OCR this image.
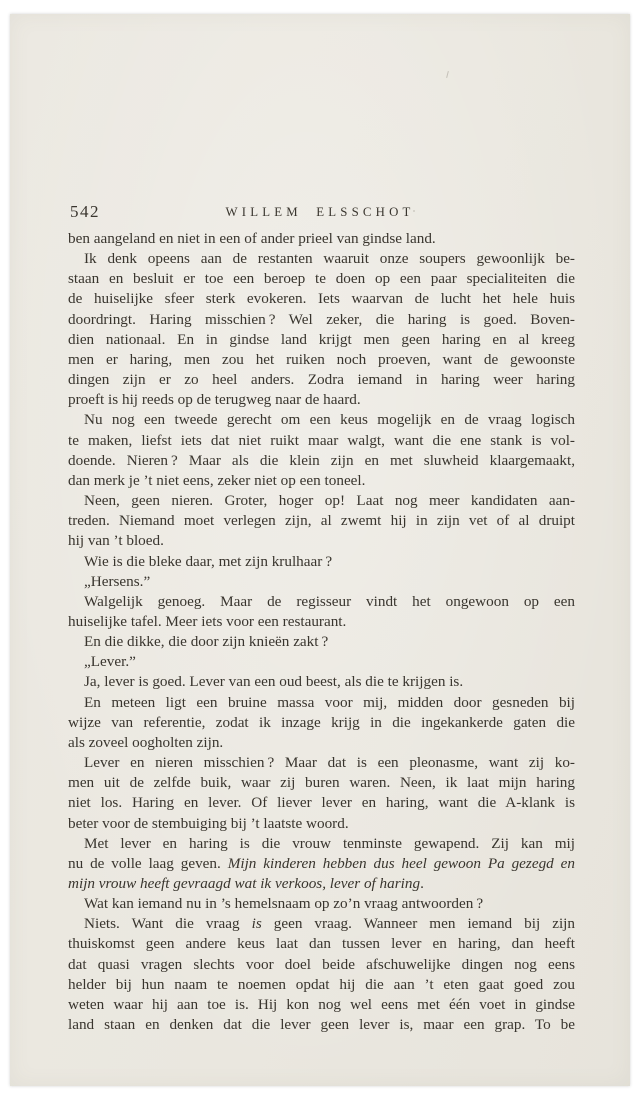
542	WILLEM ELSSCHOT
ben aangeland en niet in een of ander prieel van gindse land.
Ik denk opeens aan de restanten waaruit onze soupers gewoonlijk be-
staan en besluit er toe een beroep te doen op een paar specialiteiten die
de huiselijke sfeer sterk evokeren. Iets waarvan de lucht het hele huis
doordringt. Haring misschien ? Wel zeker, die haring is goed. Boven-
dien nationaal. En in gindse land krijgt men geen haring en al kreeg
men er haring, men zou het ruiken noch proeven, want de gewoonste
dingen zijn er zo heel anders. Zodra iemand in haring weer haring
proeft is hij reeds op de terugweg naar de haard.
Nu nog een tweede gerecht om een keus mogelijk en de vraag logisch
te maken, liefst iets dat niet ruikt maar walgt, want die ene stank is vol-
doende. Nieren ? Maar als die klein zijn en met sluwheid klaargemaakt,
dan merk je ’t niet eens, zeker niet op een toneel.
Neen, geen nieren. Groter, hoger op! Laat nog meer kandidaten aan-
treden. Niemand moet verlegen zijn, al zwemt hij in zijn vet of al druipt
hij van ’t bloed.
Wie is die bleke daar, met zijn krulhaar ?
„Hersens.”
Walgelijk genoeg. Maar de regisseur vindt het ongewoon op een
huiselijke tafel. Meer iets voor een restaurant.
En die dikke, die door zijn knieën zakt ?
„Lever.”
Ja, lever is goed. Lever van een oud beest, als die te krijgen is.
En meteen ligt een bruine massa voor mij, midden door gesneden bij
wijze van referentie, zodat ik inzage krijg in die ingekankerde gaten die
als zoveel oogholten zijn.
Lever en nieren misschien ? Maar dat is een pleonasme, want zij ko-
men uit de zelfde buik, waar zij buren waren. Neen, ik laat mijn haring
niet los. Haring en lever. Of liever lever en haring, want die A-klank is
beter voor de stembuiging bij ’t laatste woord.
Met lever en haring is die vrouw tenminste gewapend. Zij kan mij
nu de volle laag geven. Mijn kinderen hebben dus heel gewoon Pa gezegd en
mijn vrouw heeft gevraagd wat ik verkoos, lever of haring.
Wat kan iemand nu in ’s hemelsnaam op zo’n vraag antwoorden ?
Niets. Want die vraag is geen vraag. Wanneer men iemand bij zijn
thuiskomst geen andere keus laat dan tussen lever en haring, dan heeft
dat quasi vragen slechts voor doel beide afschuwelijke dingen nog eens
helder bij hun naam te noemen opdat hij die aan ’t eten gaat goed zou
weten waar hij aan toe is. Hij kon nog wel eens met één voet in gindse
land staan en denken dat die lever geen lever is, maar een grap. To be
